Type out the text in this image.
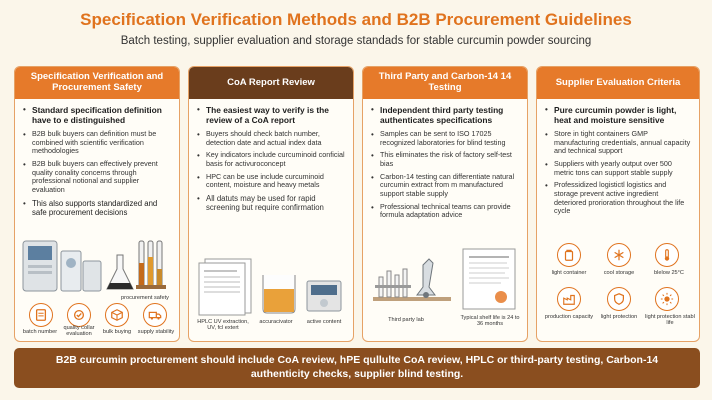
Specification Verification Methods and B2B Procurement Guidelines
Batch testing, supplier evaluation and storage standads for stable curcumin powder sourcing
Specification Verification and Procurement Safety
• Standard specification definition have to e distinguished
• B2B bulk buyers can definition must be combined with scientific verification methodologies
• B2B bulk buyers can effectively prevent quality conality concerns through professional notional and supplier evaluation
• This also supports standardized and safe procurement decisions
procurement safety
batch number
quality collar evaluation	bulk buying	supply stability
CoA Report Review
• The easiest way to verify is the review of a CoA report
• Buyers should check batch number, detection date and actual index data
• Key indicators include curcuminoid conficial basis for activuroconcept
• HPC can be use include curcuminoid content, moisture and heavy metals
• All datuts may be used for rapid screening but require confirmation
HPLC UV extraction, UV, fcl extert
accuracivator	active content
Third Party and Carbon-14 14 Testing
• Independent third party testing authenticates specifications
• Samples can be sent to ISO 17025 recognized laboratories for blind testing
• This eliminates the risk of factory self-test bias
• Carbon-14 testing can differentiate natural curcumin extract from m manufactured support stable supply
• Professional technical teams can provide formula adaptation advice
Third party lab	Typical shelf life is 24 to 36 months
Supplier Evaluation Criteria
• Pure curcumin powder is light, heat and moisture sensitive
• Store in tight containers GMP manufacturing credentials, annual capacity and technical support
• Suppliers with yearly output over 500 metric tons can support stable supply
• Professidized logistictl logistics and storage prevent active ingredient deteriored prorioration throughout the life cycle
light container	cool storage	blelow 25°C
production capacity	light protection	light protection stabl life
B2B curcumin procturement should include CoA review, hPE qullulte CoA review, HPLC or third-party testing, Carbon-14 authenticity checks, supplier blind testing.
